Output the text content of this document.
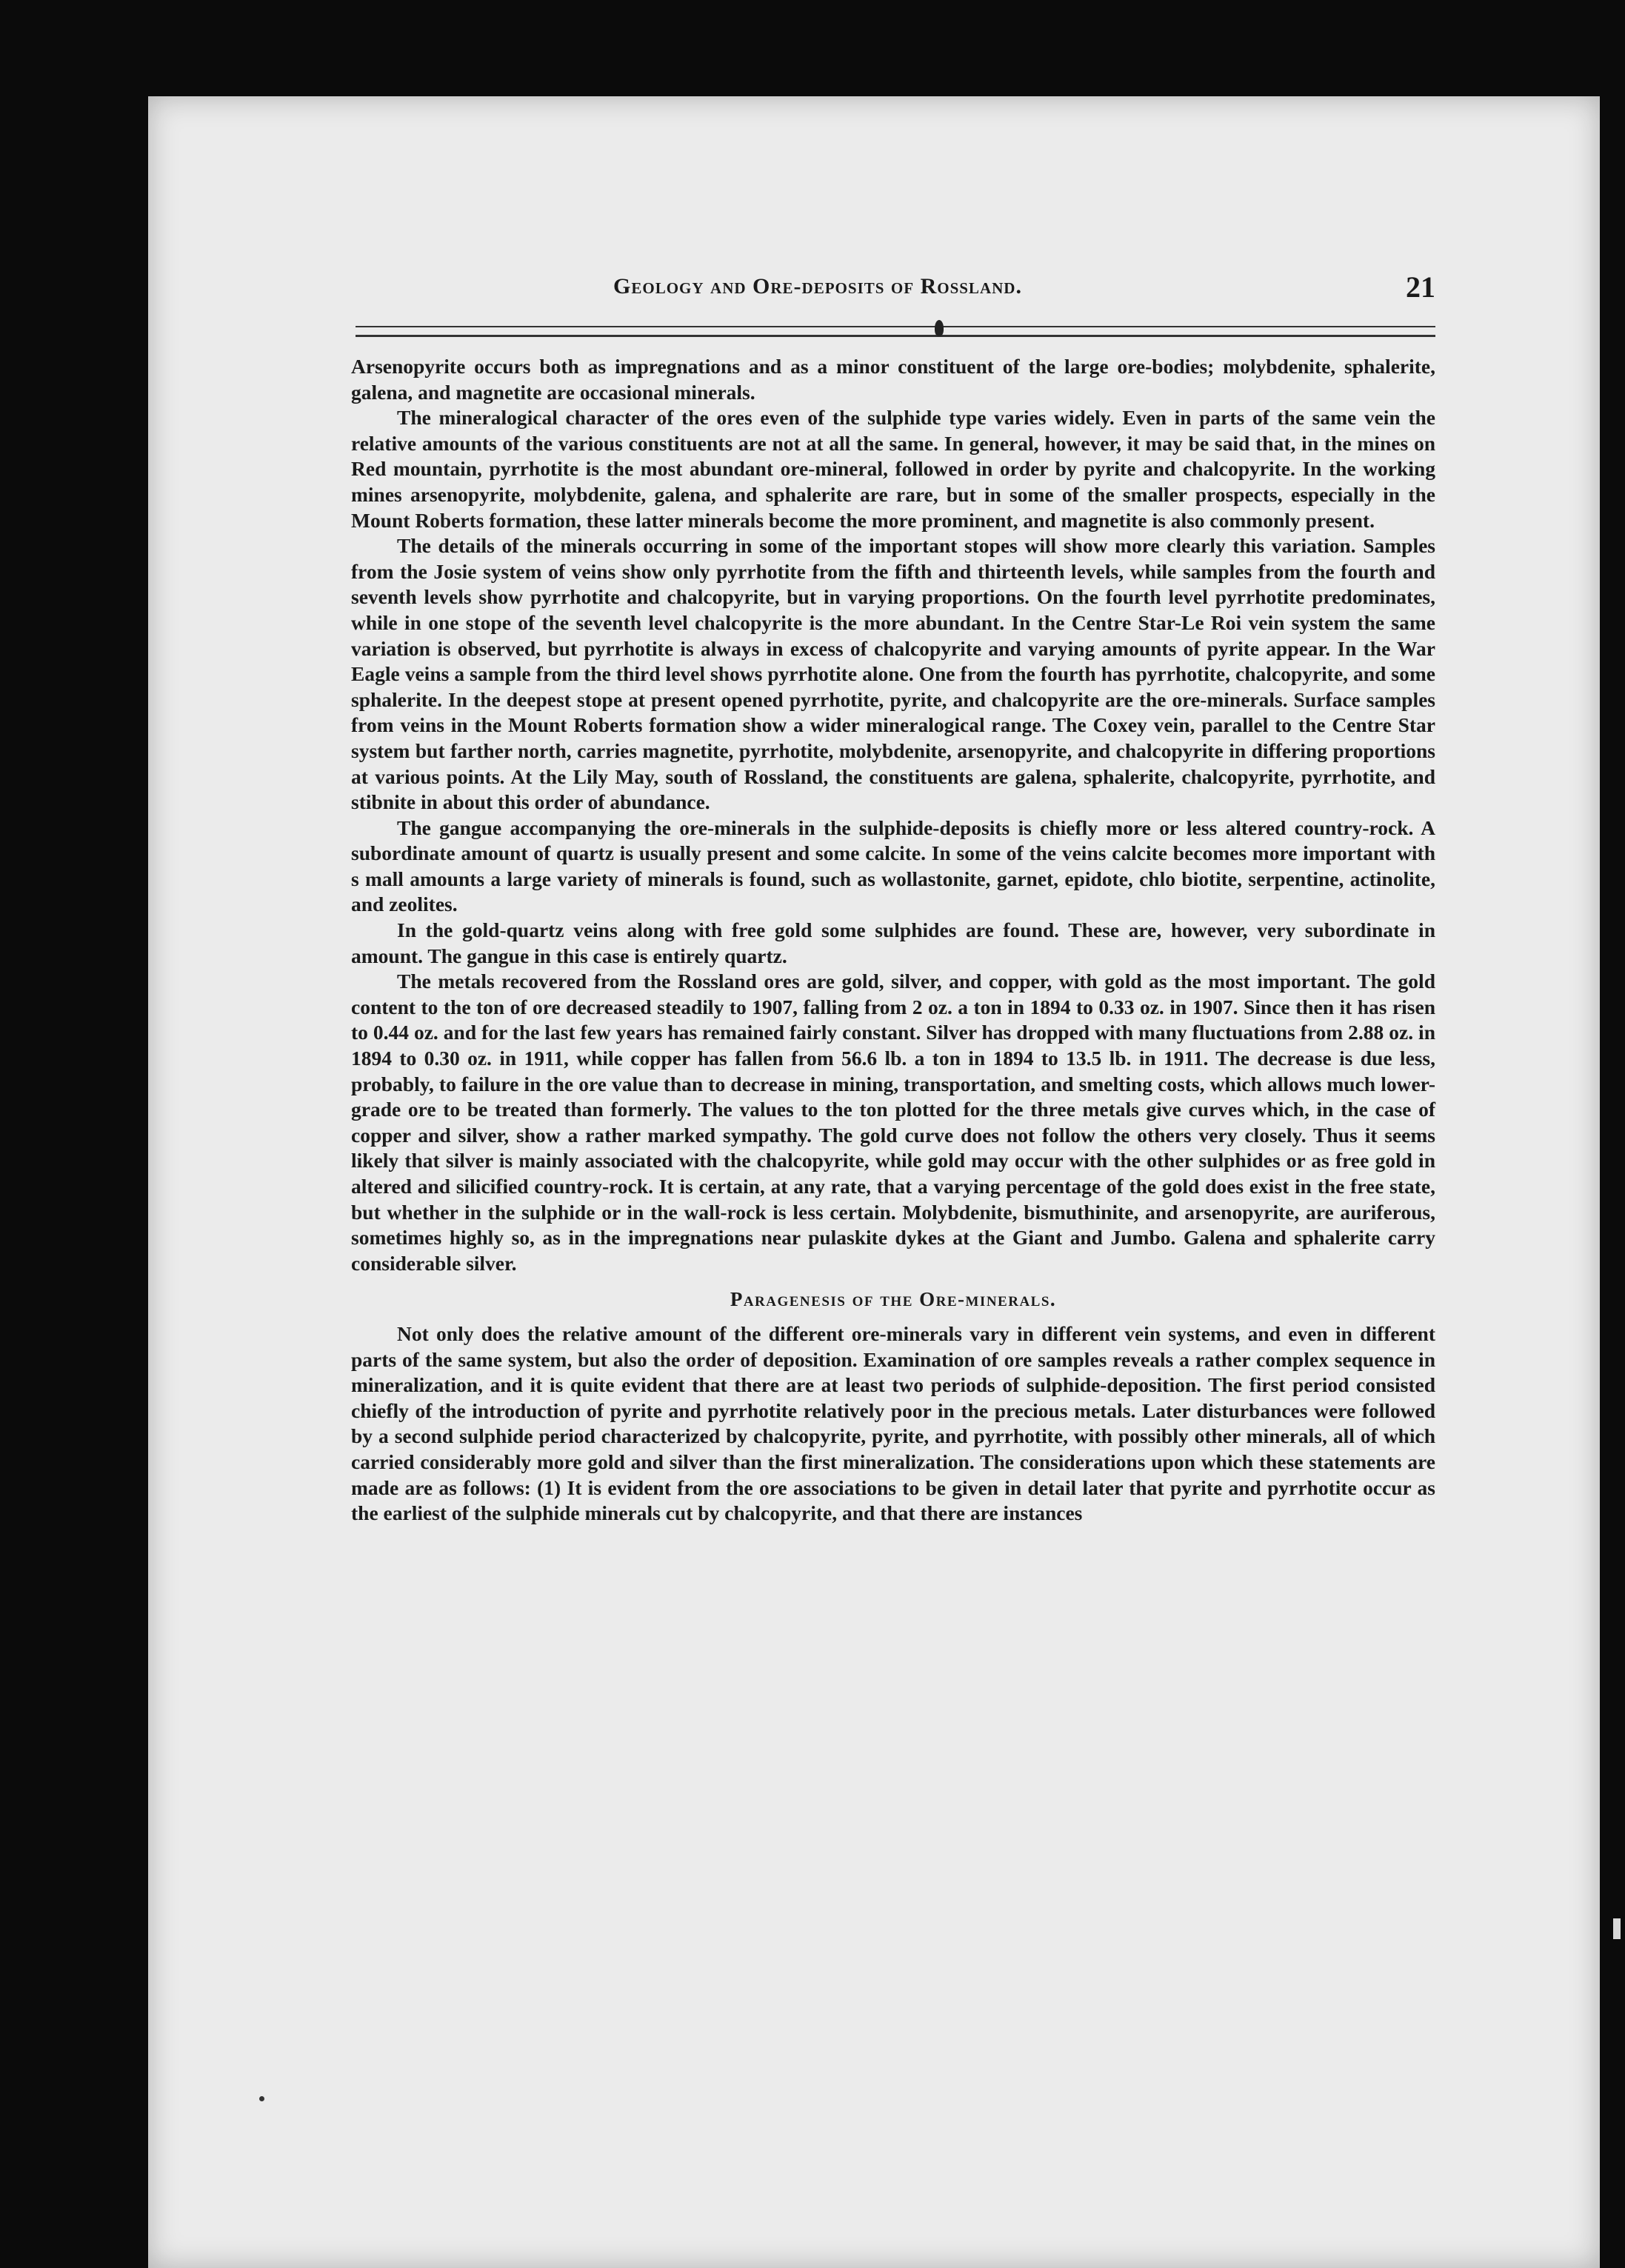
Geology and Ore-deposits of Rossland.	21

Arsenopyrite occurs both as impregnations and as a minor constituent of the large ore-bodies; molybdenite, sphalerite, galena, and magnetite are occasional minerals.

The mineralogical character of the ores even of the sulphide type varies widely. Even in parts of the same vein the relative amounts of the various constituents are not at all the same. In general, however, it may be said that, in the mines on Red mountain, pyrrhotite is the most abundant ore-mineral, followed in order by pyrite and chalcopyrite. In the working mines arsenopyrite, molybdenite, galena, and sphalerite are rare, but in some of the smaller prospects, especially in the Mount Roberts formation, these latter minerals become the more prominent, and magnetite is also commonly present.

The details of the minerals occurring in some of the important stopes will show more clearly this variation. Samples from the Josie system of veins show only pyrrhotite from the fifth and thirteenth levels, while samples from the fourth and seventh levels show pyrrhotite and chalcopyrite, but in varying proportions. On the fourth level pyrrhotite predominates, while in one stope of the seventh level chalcopyrite is the more abundant. In the Centre Star-Le Roi vein system the same variation is observed, but pyrrhotite is always in excess of chalcopyrite and varying amounts of pyrite appear. In the War Eagle veins a sample from the third level shows pyrrhotite alone. One from the fourth has pyrrhotite, chalcopyrite, and some sphalerite. In the deepest stope at present opened pyrrhotite, pyrite, and chalcopyrite are the ore-minerals. Surface samples from veins in the Mount Roberts formation show a wider mineralogical range. The Coxey vein, parallel to the Centre Star system but farther north, carries magnetite, pyrrhotite, molybdenite, arsenopyrite, and chalcopyrite in differing proportions at various points. At the Lily May, south of Rossland, the constituents are galena, sphalerite, chalcopyrite, pyrrhotite, and stibnite in about this order of abundance.

The gangue accompanying the ore-minerals in the sulphide-deposits is chiefly more or less altered country-rock. A subordinate amount of quartz is usually present and some calcite. In some of the veins calcite becomes more important with s mall amounts a large variety of minerals is found, such as wollastonite, garnet, epidote, chlo biotite, serpentine, actinolite, and zeolites.

In the gold-quartz veins along with free gold some sulphides are found. These are, however, very subordinate in amount. The gangue in this case is entirely quartz.

The metals recovered from the Rossland ores are gold, silver, and copper, with gold as the most important. The gold content to the ton of ore decreased steadily to 1907, falling from 2 oz. a ton in 1894 to 0.33 oz. in 1907. Since then it has risen to 0.44 oz. and for the last few years has remained fairly constant. Silver has dropped with many fluctuations from 2.88 oz. in 1894 to 0.30 oz. in 1911, while copper has fallen from 56.6 lb. a ton in 1894 to 13.5 lb. in 1911. The decrease is due less, probably, to failure in the ore value than to decrease in mining, transportation, and smelting costs, which allows much lower-grade ore to be treated than formerly. The values to the ton plotted for the three metals give curves which, in the case of copper and silver, show a rather marked sympathy. The gold curve does not follow the others very closely. Thus it seems likely that silver is mainly associated with the chalcopyrite, while gold may occur with the other sulphides or as free gold in altered and silicified country-rock. It is certain, at any rate, that a varying percentage of the gold does exist in the free state, but whether in the sulphide or in the wall-rock is less certain. Molybdenite, bismuthinite, and arsenopyrite, are auriferous, sometimes highly so, as in the impregnations near pulaskite dykes at the Giant and Jumbo. Galena and sphalerite carry considerable silver.

Paragenesis of the Ore-minerals.

Not only does the relative amount of the different ore-minerals vary in different vein systems, and even in different parts of the same system, but also the order of deposition. Examination of ore samples reveals a rather complex sequence in mineralization, and it is quite evident that there are at least two periods of sulphide-deposition. The first period consisted chiefly of the introduction of pyrite and pyrrhotite relatively poor in the precious metals. Later disturbances were followed by a second sulphide period characterized by chalcopyrite, pyrite, and pyrrhotite, with possibly other minerals, all of which carried considerably more gold and silver than the first mineralization. The considerations upon which these statements are made are as follows: (1) It is evident from the ore associations to be given in detail later that pyrite and pyrrhotite occur as the earliest of the sulphide minerals cut by chalcopyrite, and that there are instances
